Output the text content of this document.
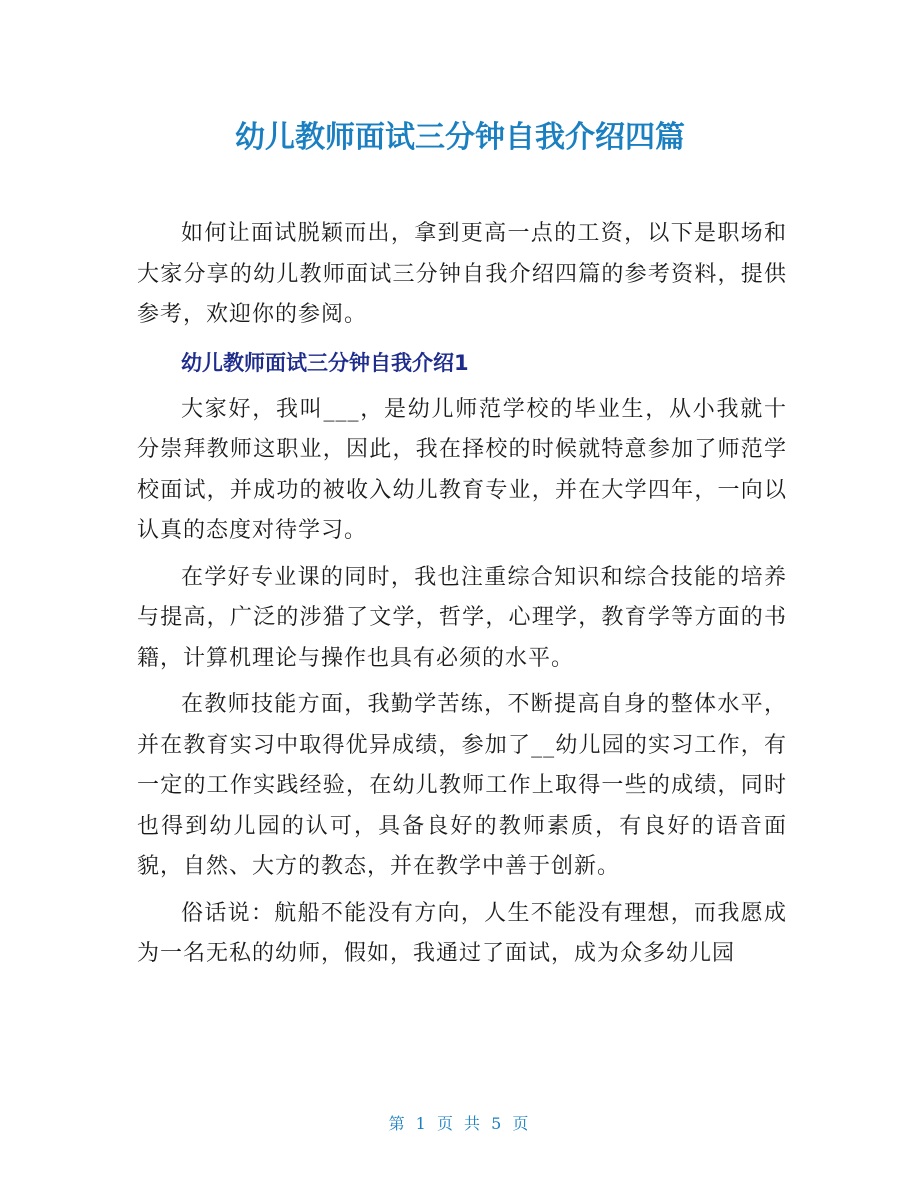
幼儿教师面试三分钟自我介绍四篇

如何让面试脱颖而出，拿到更高一点的工资，以下是职场和大家分享的幼儿教师面试三分钟自我介绍四篇的参考资料，提供参考，欢迎你的参阅。

幼儿教师面试三分钟自我介绍1

大家好，我叫___，是幼儿师范学校的毕业生，从小我就十分崇拜教师这职业，因此，我在择校的时候就特意参加了师范学校面试，并成功的被收入幼儿教育专业，并在大学四年，一向以认真的态度对待学习。

在学好专业课的同时，我也注重综合知识和综合技能的培养与提高，广泛的涉猎了文学，哲学，心理学，教育学等方面的书籍，计算机理论与操作也具有必须的水平。

在教师技能方面，我勤学苦练，不断提高自身的整体水平，并在教育实习中取得优异成绩，参加了__幼儿园的实习工作，有一定的工作实践经验，在幼儿教师工作上取得一些的成绩，同时也得到幼儿园的认可，具备良好的教师素质，有良好的语音面貌，自然、大方的教态，并在教学中善于创新。

俗话说：航船不能没有方向，人生不能没有理想，而我愿成为一名无私的幼师，假如，我通过了面试，成为众多幼儿园

第 1 页 共 5 页
